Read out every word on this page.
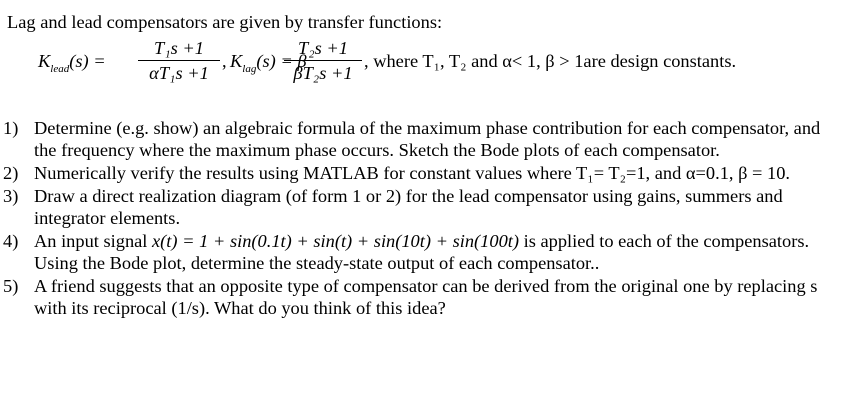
Lag and lead compensators are given by transfer functions:
$K_{lead}(s)$ =
T₁s +1
αT₁s +1
, $K_{lag}(s) = \beta$
T₂s +1
βT₂s +1
, where T₁, T₂ and α< 1, β > 1are design constants.
1) Determine (e.g. show) an algebraic formula of the maximum phase contribution for each compensator, and the frequency where the maximum phase occurs. Sketch the Bode plots of each compensator.
2) Numerically verify the results using MATLAB for constant values where T₁= T₂=1, and α=0.1, β = 10.
3) Draw a direct realization diagram (of form 1 or 2) for the lead compensator using gains, summers and integrator elements.
4) An input signal x(t) = 1 + sin(0.1t) + sin(t) + sin(10t) + sin(100t) is applied to each of the compensators. Using the Bode plot, determine the steady-state output of each compensator..
5) A friend suggests that an opposite type of compensator can be derived from the original one by replacing s with its reciprocal (1/s). What do you think of this idea?
